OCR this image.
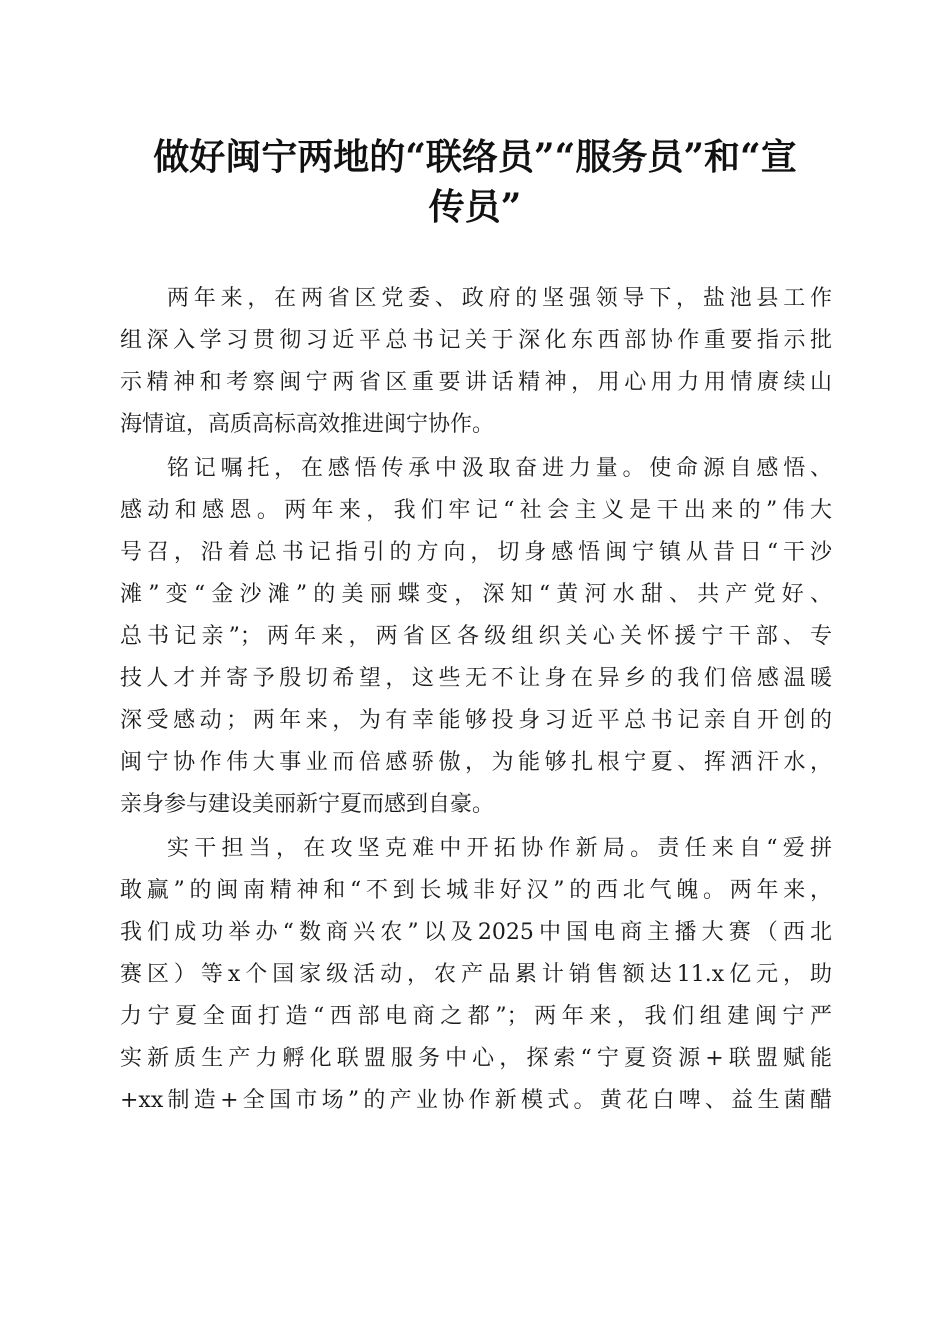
做好闽宁两地的“联络员”“服务员”和“宣
传员”
两年来，在两省区党委、政府的坚强领导下，盐池县工作
组深入学习贯彻习近平总书记关于深化东西部协作重要指示批
示精神和考察闽宁两省区重要讲话精神，用心用力用情赓续山
海情谊，高质高标高效推进闽宁协作。
铭记嘱托，在感悟传承中汲取奋进力量。使命源自感悟、
感动和感恩。两年来，我们牢记“社会主义是干出来的”伟大
号召，沿着总书记指引的方向，切身感悟闽宁镇从昔日“干沙
滩”变“金沙滩”的美丽蝶变，深知“黄河水甜、共产党好、
总书记亲”；两年来，两省区各级组织关心关怀援宁干部、专
技人才并寄予殷切希望，这些无不让身在异乡的我们倍感温暖
深受感动；两年来，为有幸能够投身习近平总书记亲自开创的
闽宁协作伟大事业而倍感骄傲，为能够扎根宁夏、挥洒汗水，
亲身参与建设美丽新宁夏而感到自豪。
实干担当，在攻坚克难中开拓协作新局。责任来自“爱拼
敢赢”的闽南精神和“不到长城非好汉”的西北气魄。两年来，
我们成功举办“数商兴农”以及2025中国电商主播大赛（西北
赛区）等x个国家级活动，农产品累计销售额达11.x亿元，助
力宁夏全面打造“西部电商之都”；两年来，我们组建闽宁严
实新质生产力孵化联盟服务中心，探索“宁夏资源+联盟赋能
+xx制造+全国市场”的产业协作新模式。黄花白啤、益生菌醋
